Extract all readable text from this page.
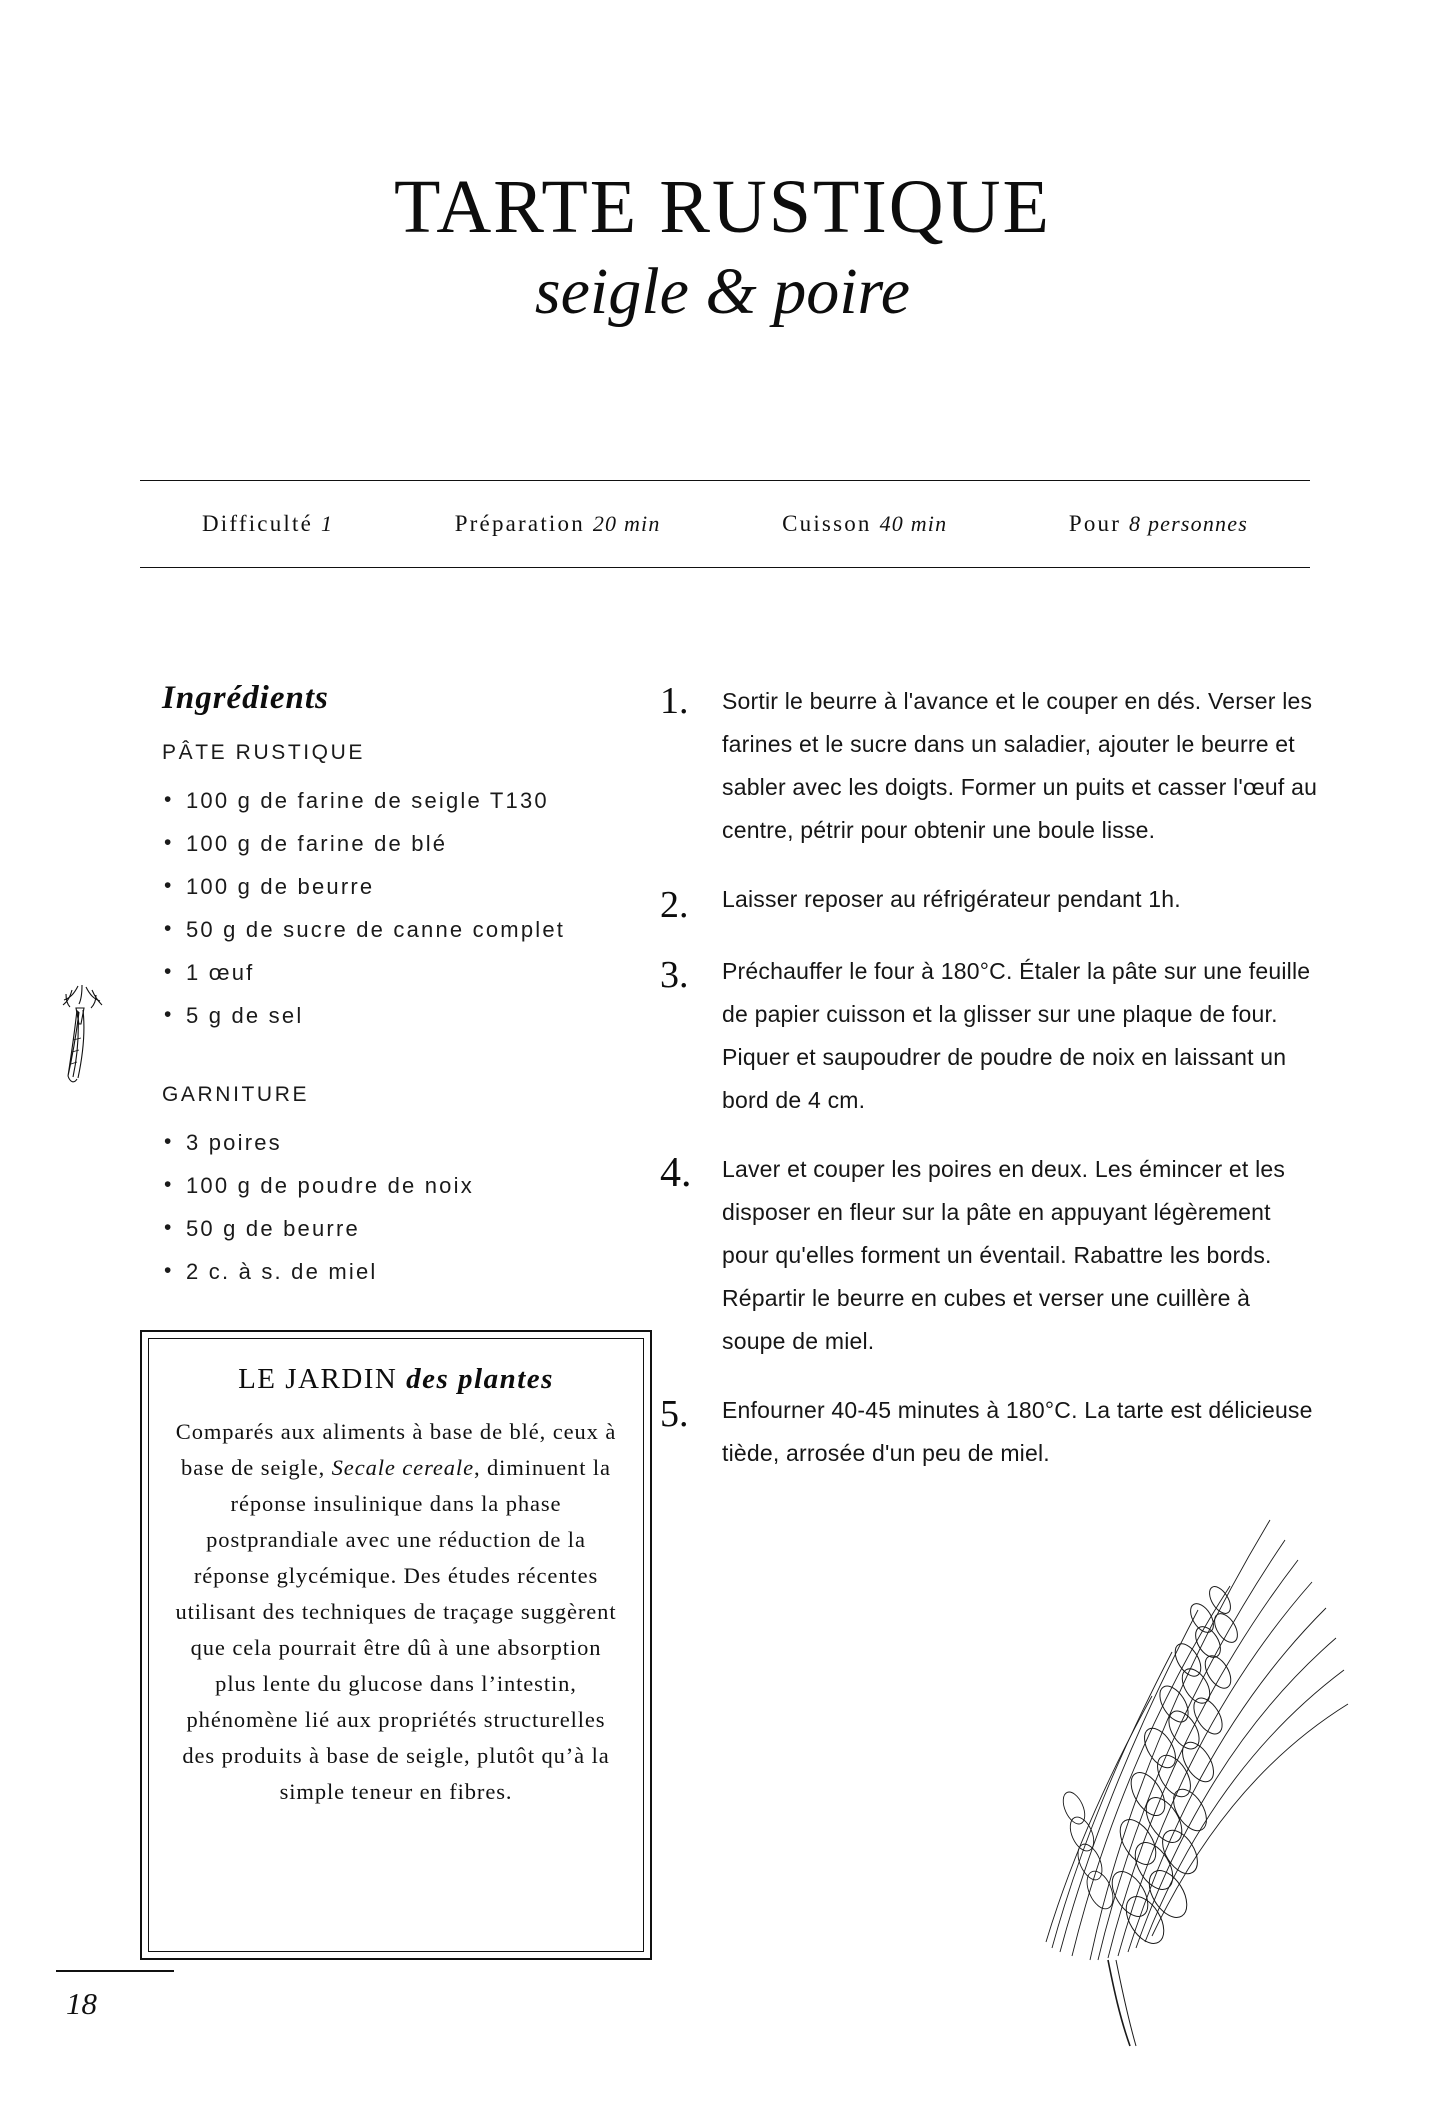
TARTE RUSTIQUE
seigle & poire
Difficulté 1	Préparation 20 min	Cuisson 40 min	Pour 8 personnes
Ingrédients
PÂTE RUSTIQUE
• 100 g de farine de seigle T130
• 100 g de farine de blé
• 100 g de beurre
• 50 g de sucre de canne complet
• 1 œuf
• 5 g de sel
GARNITURE
• 3 poires
• 100 g de poudre de noix
• 50 g de beurre
• 2 c. à s. de miel
LE JARDIN des plantes
Comparés aux aliments à base de blé, ceux à base de seigle, Secale cereale, diminuent la réponse insulinique dans la phase postprandiale avec une réduction de la réponse glycémique. Des études récentes utilisant des techniques de traçage suggèrent que cela pourrait être dû à une absorption plus lente du glucose dans l’intestin, phénomène lié aux propriétés structurelles des produits à base de seigle, plutôt qu’à la simple teneur en fibres.
1.	Sortir le beurre à l'avance et le couper en dés. Verser les farines et le sucre dans un saladier, ajouter le beurre et sabler avec les doigts. Former un puits et casser l'œuf au centre, pétrir pour obtenir une boule lisse.
2.	Laisser reposer au réfrigérateur pendant 1h.
3.	Préchauffer le four à 180°C. Étaler la pâte sur une feuille de papier cuisson et la glisser sur une plaque de four. Piquer et saupoudrer de poudre de noix en laissant un bord de 4 cm.
4.	Laver et couper les poires en deux. Les émincer et les disposer en fleur sur la pâte en appuyant légèrement pour qu'elles forment un éventail. Rabattre les bords. Répartir le beurre en cubes et verser une cuillère à soupe de miel.
5.	Enfourner 40-45 minutes à 180°C. La tarte est délicieuse tiède, arrosée d'un peu de miel.
18
